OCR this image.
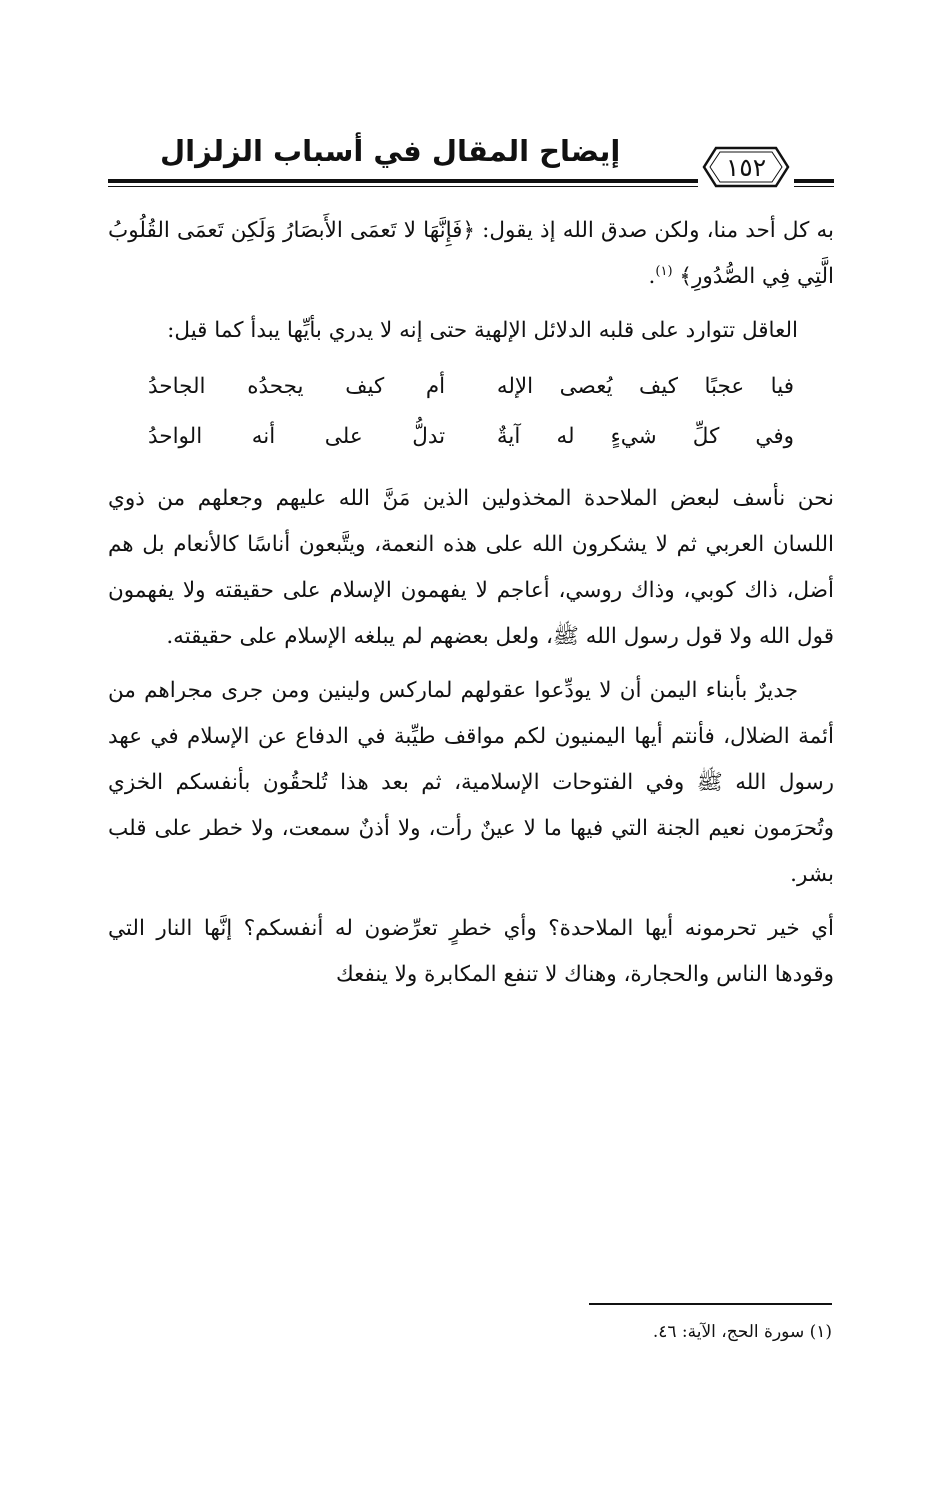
إيضاح المقال في أسباب الزلزال	١٥٢

به كل أحد منا، ولكن صدق الله إذ يقول: ﴿فَإِنَّهَا لا تَعمَى الأَبصَارُ وَلَكِن تَعمَى القُلُوبُ الَّتِي فِي الصُّدُورِ﴾ $^{(١)}$.

العاقل تتوارد على قلبه الدلائل الإلهية حتى إنه لا يدري بأيِّها يبدأ كما قيل:

فيا عجبًا كيف يُعصى الإله
أم كيف يجحدُه الجاحدُ
وفي كلِّ شيءٍ له آيةٌ
تدلُّ على أنه الواحدُ

نحن نأسف لبعض الملاحدة المخذولين الذين مَنَّ الله عليهم وجعلهم من ذوي اللسان العربي ثم لا يشكرون الله على هذه النعمة، ويتَّبعون أناسًا كالأنعام بل هم أضل، ذاك كوبي، وذاك روسي، أعاجم لا يفهمون الإسلام على حقيقته ولا يفهمون قول الله ولا قول رسول الله ﷺ، ولعل بعضهم لم يبلغه الإسلام على حقيقته.

جديرٌ بأبناء اليمن أن لا يودِّعوا عقولهم لماركس ولينين ومن جرى مجراهم من أئمة الضلال، فأنتم أيها اليمنيون لكم مواقف طيِّبة في الدفاع عن الإسلام في عهد رسول الله ﷺ وفي الفتوحات الإسلامية، ثم بعد هذا تُلحقُون بأنفسكم الخزي وتُحرَمون نعيم الجنة التي فيها ما لا عينٌ رأت، ولا أذنٌ سمعت، ولا خطر على قلب بشر.

أي خير تحرمونه أيها الملاحدة؟ وأي خطرٍ تعرِّضون له أنفسكم؟ إنَّها النار التي وقودها الناس والحجارة، وهناك لا تنفع المكابرة ولا ينفعك

(١) سورة الحج، الآية: ٤٦.
